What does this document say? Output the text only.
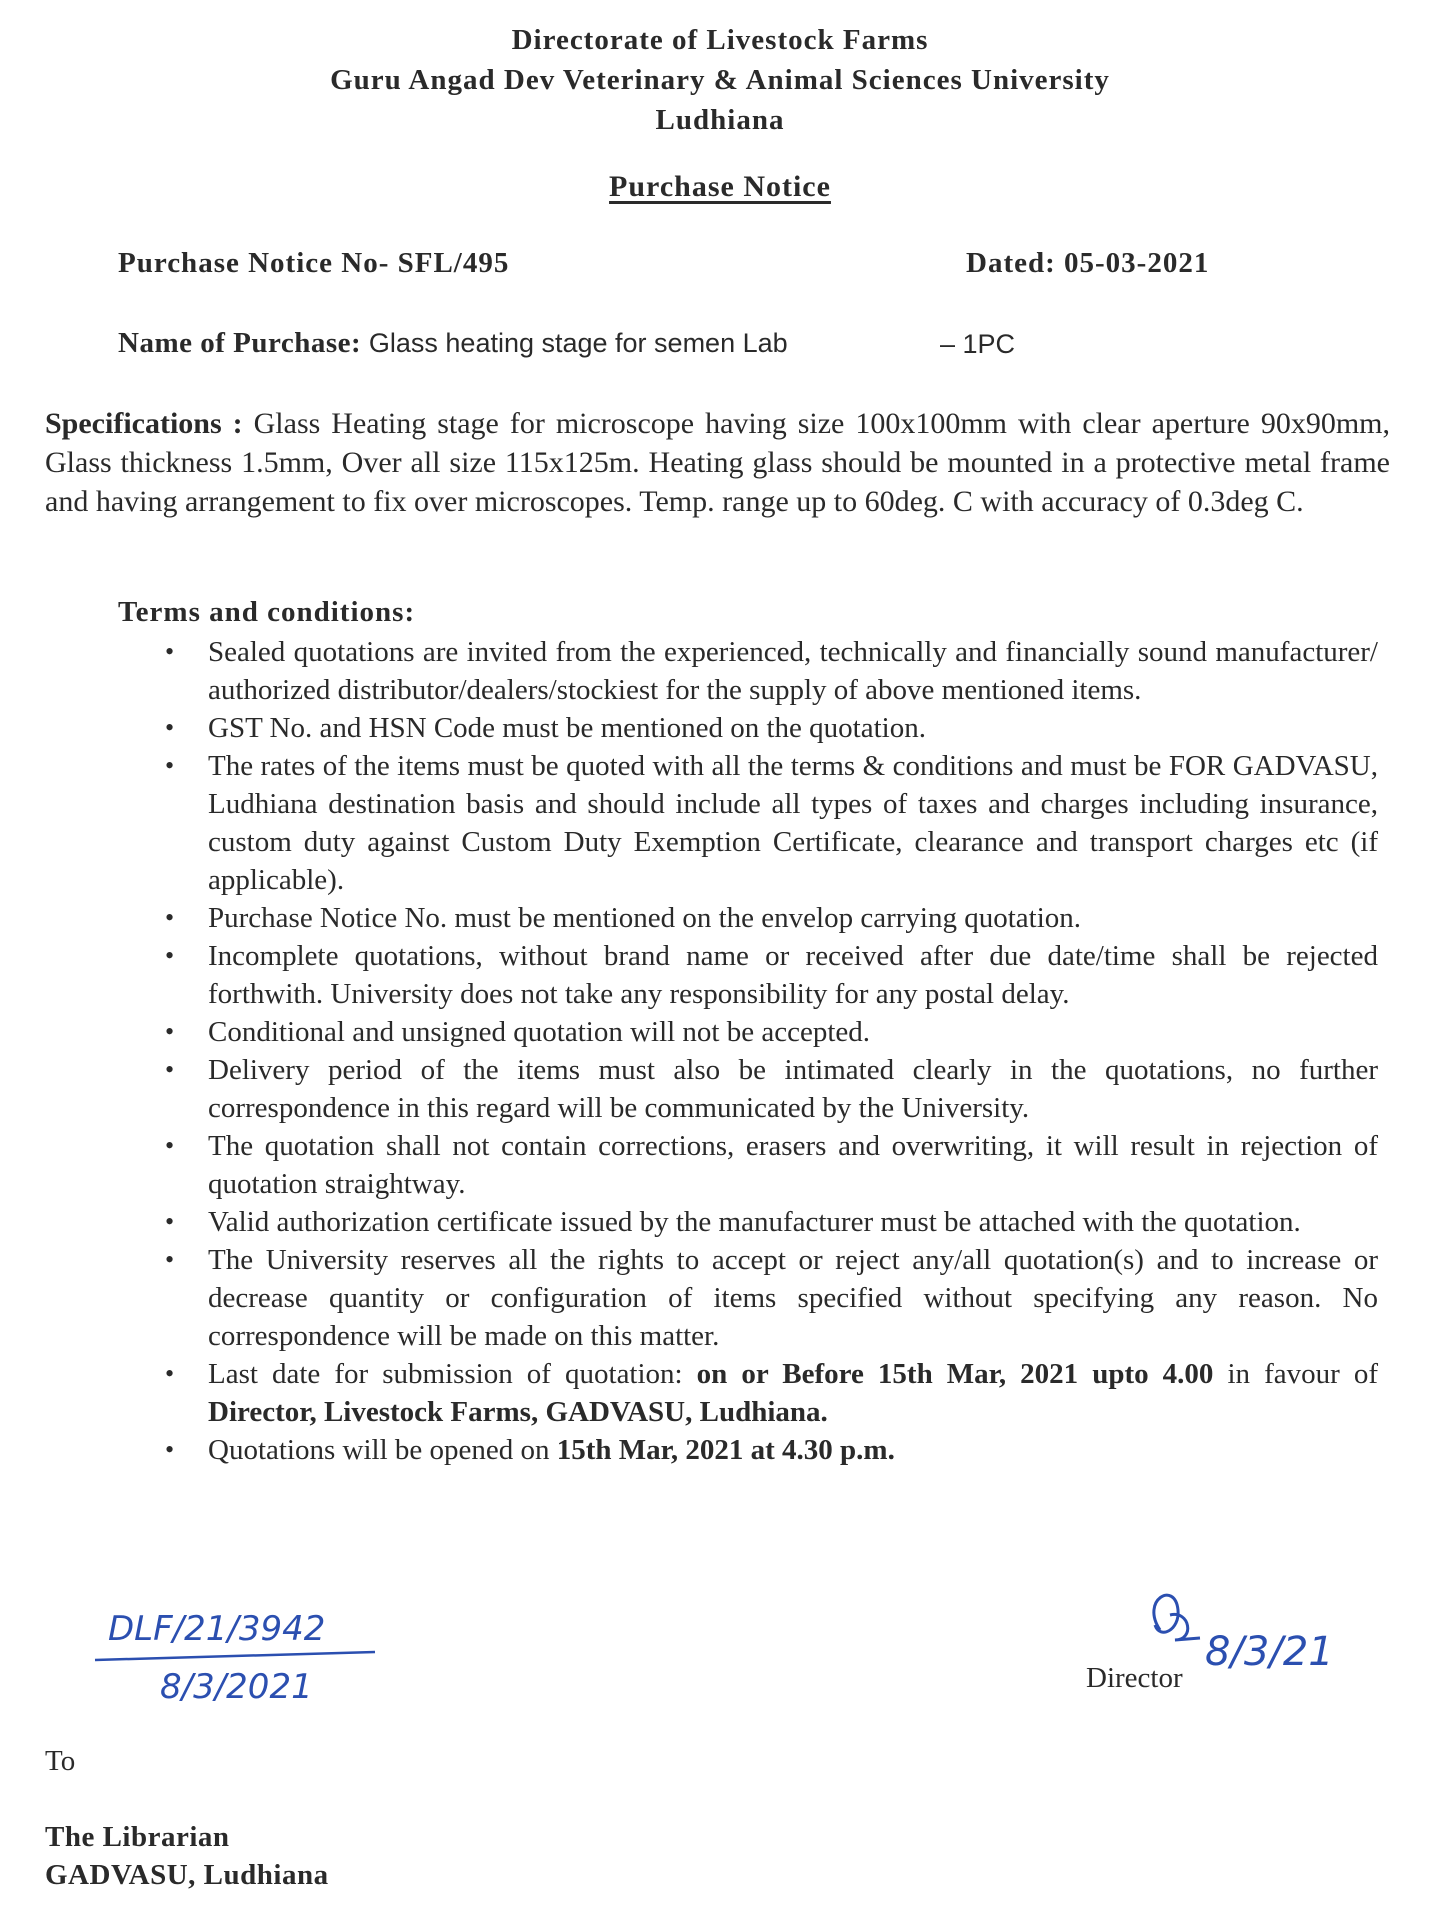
Directorate of Livestock Farms
Guru Angad Dev Veterinary & Animal Sciences University
Ludhiana
Purchase Notice
Purchase Notice No- SFL/495	Dated: 05-03-2021
Name of Purchase: Glass heating stage for semen Lab	– 1PC
Specifications : Glass Heating stage for microscope having size 100x100mm with clear aperture 90x90mm, Glass thickness 1.5mm, Over all size 115x125m. Heating glass should be mounted in a protective metal frame and having arrangement to fix over microscopes. Temp. range up to 60deg. C with accuracy of 0.3deg C.
Terms and conditions:
• Sealed quotations are invited from the experienced, technically and financially sound manufacturer/ authorized distributor/dealers/stockiest for the supply of above mentioned items.
• GST No. and HSN Code must be mentioned on the quotation.
• The rates of the items must be quoted with all the terms & conditions and must be FOR GADVASU, Ludhiana destination basis and should include all types of taxes and charges including insurance, custom duty against Custom Duty Exemption Certificate, clearance and transport charges etc (if applicable).
• Purchase Notice No. must be mentioned on the envelop carrying quotation.
• Incomplete quotations, without brand name or received after due date/time shall be rejected forthwith. University does not take any responsibility for any postal delay.
• Conditional and unsigned quotation will not be accepted.
• Delivery period of the items must also be intimated clearly in the quotations, no further correspondence in this regard will be communicated by the University.
• The quotation shall not contain corrections, erasers and overwriting, it will result in rejection of quotation straightway.
• Valid authorization certificate issued by the manufacturer must be attached with the quotation.
• The University reserves all the rights to accept or reject any/all quotation(s) and to increase or decrease quantity or configuration of items specified without specifying any reason. No correspondence will be made on this matter.
• Last date for submission of quotation: on or Before 15th Mar, 2021 upto 4.00 in favour of Director, Livestock Farms, GADVASU, Ludhiana.
• Quotations will be opened on 15th Mar, 2021 at 4.30 p.m.
DLF/21/3942
8/3/2021
8/3/21
Director
To
The Librarian
GADVASU, Ludhiana
